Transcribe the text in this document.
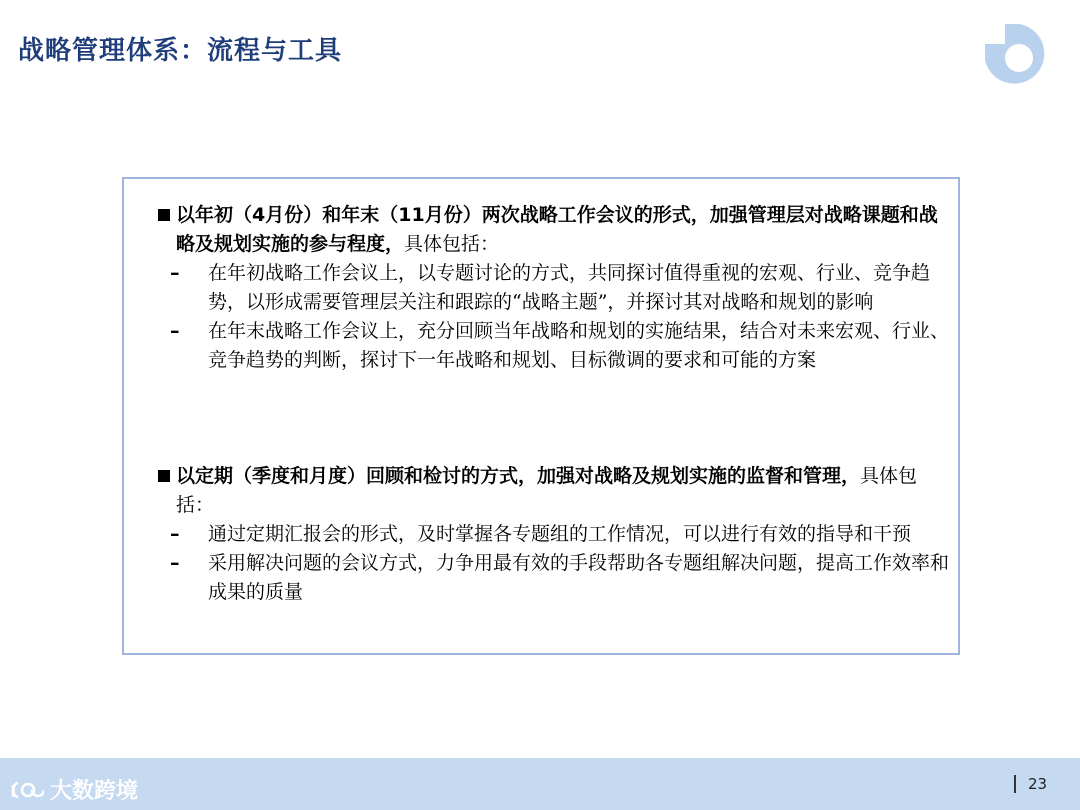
战略管理体系：流程与工具
以年初（4月份）和年末（11月份）两次战略工作会议的形式，加强管理层对战略课题和战略及规划实施的参与程度，具体包括：
– 在年初战略工作会议上，以专题讨论的方式，共同探讨值得重视的宏观、行业、竞争趋势，以形成需要管理层关注和跟踪的“战略主题”，并探讨其对战略和规划的影响
– 在年末战略工作会议上，充分回顾当年战略和规划的实施结果，结合对未来宏观、行业、竞争趋势的判断，探讨下一年战略和规划、目标微调的要求和可能的方案
以定期（季度和月度）回顾和检讨的方式，加强对战略及规划实施的监督和管理，具体包括：
– 通过定期汇报会的形式，及时掌握各专题组的工作情况，可以进行有效的指导和干预
– 采用解决问题的会议方式，力争用最有效的手段帮助各专题组解决问题，提高工作效率和成果的质量
大数跨境	23
